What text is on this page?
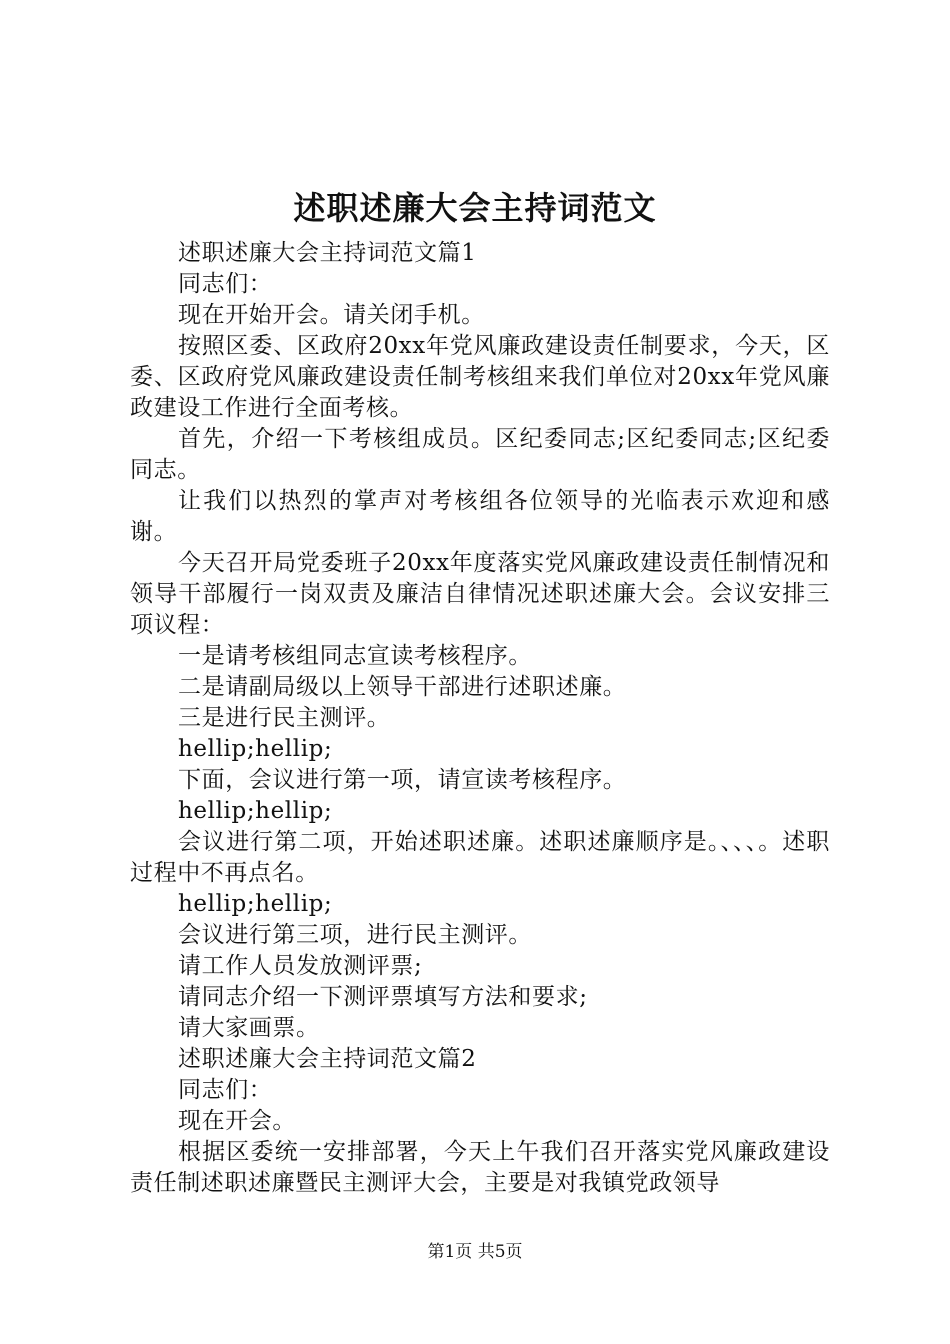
述职述廉大会主持词范文

述职述廉大会主持词范文篇1

同志们：

现在开始开会。请关闭手机。

按照区委、区政府20xx年党风廉政建设责任制要求，今天，区委、区政府党风廉政建设责任制考核组来我们单位对20xx年党风廉政建设工作进行全面考核。

首先，介绍一下考核组成员。区纪委同志;区纪委同志;区纪委同志。

让我们以热烈的掌声对考核组各位领导的光临表示欢迎和感谢。

今天召开局党委班子20xx年度落实党风廉政建设责任制情况和领导干部履行一岗双责及廉洁自律情况述职述廉大会。会议安排三项议程：

一是请考核组同志宣读考核程序。

二是请副局级以上领导干部进行述职述廉。

三是进行民主测评。

hellip;hellip;

下面，会议进行第一项，请宣读考核程序。

hellip;hellip;

会议进行第二项，开始述职述廉。述职述廉顺序是。、、、。述职过程中不再点名。

hellip;hellip;

会议进行第三项，进行民主测评。

请工作人员发放测评票;

请同志介绍一下测评票填写方法和要求;

请大家画票。

述职述廉大会主持词范文篇2

同志们：

现在开会。

根据区委统一安排部署，今天上午我们召开落实党风廉政建设责任制述职述廉暨民主测评大会，主要是对我镇党政领导

第1页 共5页
